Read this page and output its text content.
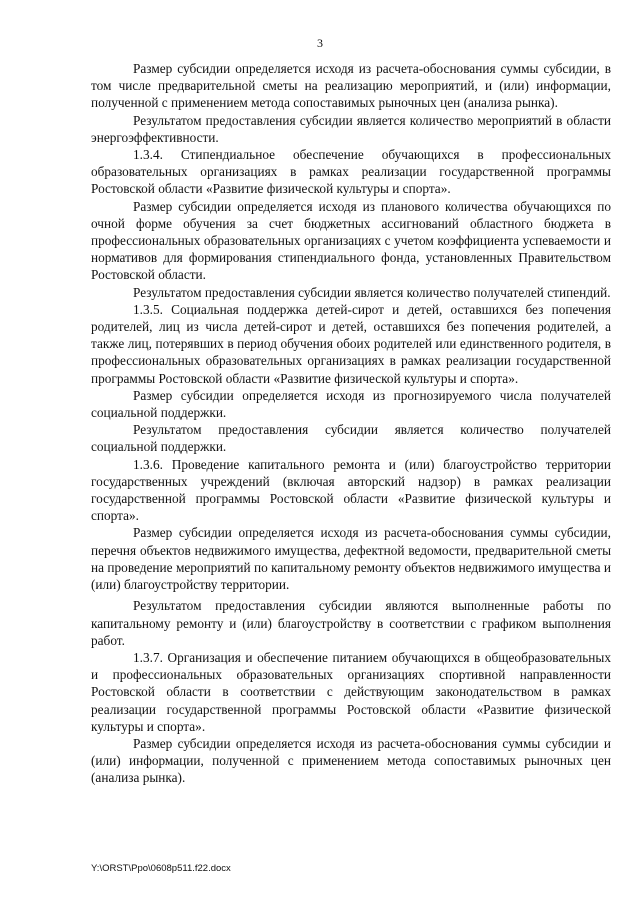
3

Размер субсидии определяется исходя из расчета-обоснования суммы субсидии, в том числе предварительной сметы на реализацию мероприятий, и (или) информации, полученной с применением метода сопоставимых рыночных цен (анализа рынка).

Результатом предоставления субсидии является количество мероприятий в области энергоэффективности.

1.3.4. Стипендиальное обеспечение обучающихся в профессиональных образовательных организациях в рамках реализации государственной программы Ростовской области «Развитие физической культуры и спорта».

Размер субсидии определяется исходя из планового количества обучающихся по очной форме обучения за счет бюджетных ассигнований областного бюджета в профессиональных образовательных организациях с учетом коэффициента успеваемости и нормативов для формирования стипендиального фонда, установленных Правительством Ростовской области.

Результатом предоставления субсидии является количество получателей стипендий.

1.3.5. Социальная поддержка детей-сирот и детей, оставшихся без попечения родителей, лиц из числа детей-сирот и детей, оставшихся без попечения родителей, а также лиц, потерявших в период обучения обоих родителей или единственного родителя, в профессиональных образовательных организациях в рамках реализации государственной программы Ростовской области «Развитие физической культуры и спорта».

Размер субсидии определяется исходя из прогнозируемого числа получателей социальной поддержки.

Результатом предоставления субсидии является количество получателей социальной поддержки.

1.3.6. Проведение капитального ремонта и (или) благоустройство территории государственных учреждений (включая авторский надзор) в рамках реализации государственной программы Ростовской области «Развитие физической культуры и спорта».

Размер субсидии определяется исходя из расчета-обоснования суммы субсидии, перечня объектов недвижимого имущества, дефектной ведомости, предварительной сметы на проведение мероприятий по капитальному ремонту объектов недвижимого имущества и (или) благоустройству территории.

Результатом предоставления субсидии являются выполненные работы по капитальному ремонту и (или) благоустройству в соответствии с графиком выполнения работ.

1.3.7. Организация и обеспечение питанием обучающихся в общеобразовательных и профессиональных образовательных организациях спортивной направленности Ростовской области в соответствии с действующим законодательством в рамках реализации государственной программы Ростовской области «Развитие физической культуры и спорта».

Размер субсидии определяется исходя из расчета-обоснования суммы субсидии и (или) информации, полученной с применением метода сопоставимых рыночных цен (анализа рынка).

Y:\ORST\Ppo\0608p511.f22.docx
